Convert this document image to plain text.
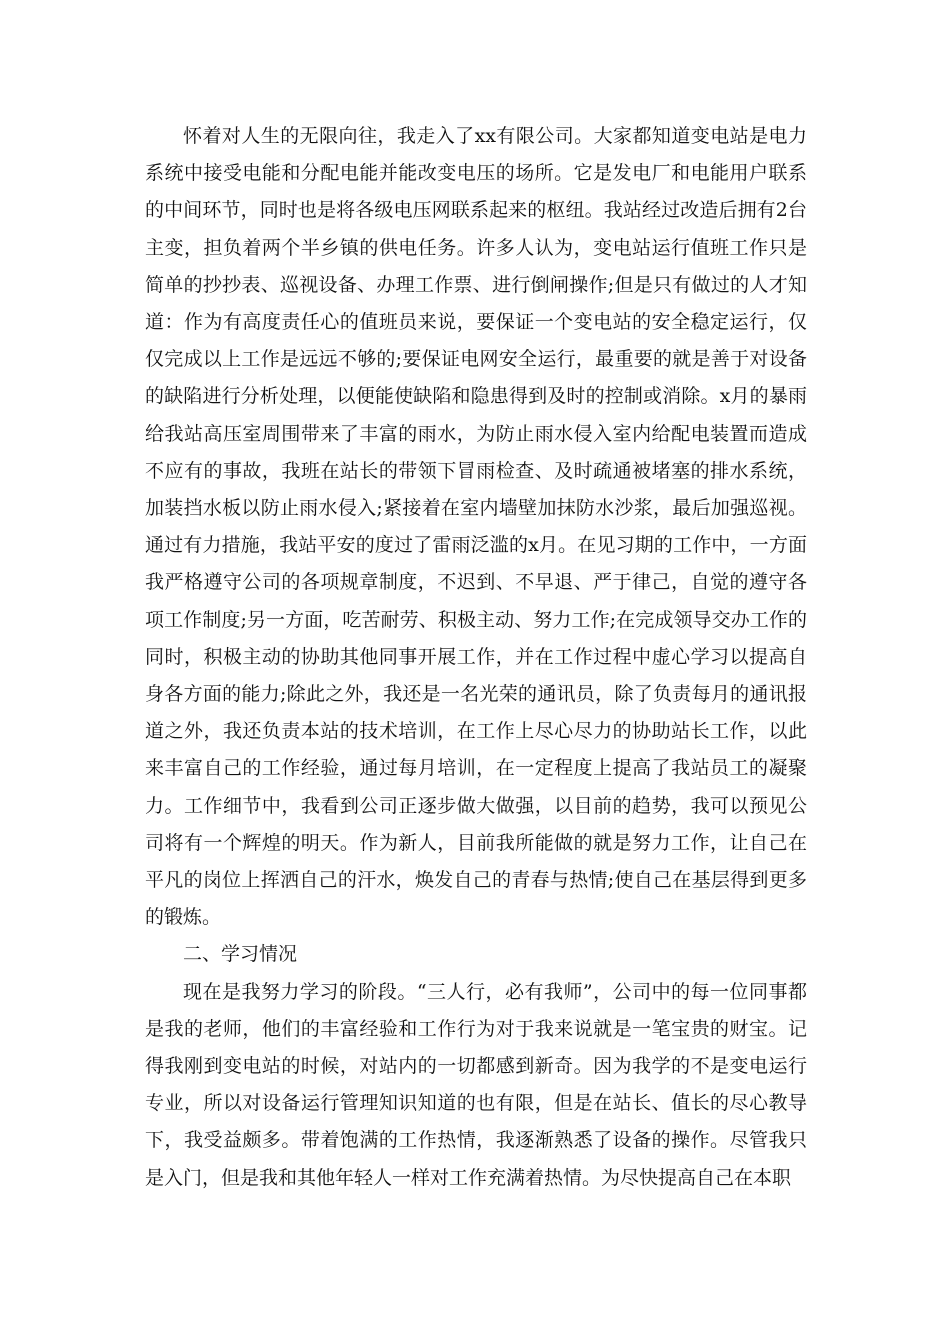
怀着对人生的无限向往，我走入了xx有限公司。大家都知道变电站是电力系统中接受电能和分配电能并能改变电压的场所。它是发电厂和电能用户联系的中间环节，同时也是将各级电压网联系起来的枢纽。我站经过改造后拥有2台主变，担负着两个半乡镇的供电任务。许多人认为，变电站运行值班工作只是简单的抄抄表、巡视设备、办理工作票、进行倒闸操作;但是只有做过的人才知道：作为有高度责任心的值班员来说，要保证一个变电站的安全稳定运行，仅仅完成以上工作是远远不够的;要保证电网安全运行，最重要的就是善于对设备的缺陷进行分析处理，以便能使缺陷和隐患得到及时的控制或消除。x月的暴雨给我站高压室周围带来了丰富的雨水，为防止雨水侵入室内给配电装置而造成不应有的事故，我班在站长的带领下冒雨检查、及时疏通被堵塞的排水系统，加装挡水板以防止雨水侵入;紧接着在室内墙壁加抹防水沙浆，最后加强巡视。通过有力措施，我站平安的度过了雷雨泛滥的x月。在见习期的工作中，一方面我严格遵守公司的各项规章制度，不迟到、不早退、严于律己，自觉的遵守各项工作制度;另一方面，吃苦耐劳、积极主动、努力工作;在完成领导交办工作的同时，积极主动的协助其他同事开展工作，并在工作过程中虚心学习以提高自身各方面的能力;除此之外，我还是一名光荣的通讯员，除了负责每月的通讯报道之外，我还负责本站的技术培训，在工作上尽心尽力的协助站长工作，以此来丰富自己的工作经验，通过每月培训，在一定程度上提高了我站员工的凝聚力。工作细节中，我看到公司正逐步做大做强，以目前的趋势，我可以预见公司将有一个辉煌的明天。作为新人，目前我所能做的就是努力工作，让自己在平凡的岗位上挥洒自己的汗水，焕发自己的青春与热情;使自己在基层得到更多的锻炼。

二、学习情况

现在是我努力学习的阶段。“三人行，必有我师”，公司中的每一位同事都是我的老师，他们的丰富经验和工作行为对于我来说就是一笔宝贵的财宝。记得我刚到变电站的时候，对站内的一切都感到新奇。因为我学的不是变电运行专业，所以对设备运行管理知识知道的也有限，但是在站长、值长的尽心教导下，我受益颇多。带着饱满的工作热情，我逐渐熟悉了设备的操作。尽管我只是入门，但是我和其他年轻人一样对工作充满着热情。为尽快提高自己在本职
